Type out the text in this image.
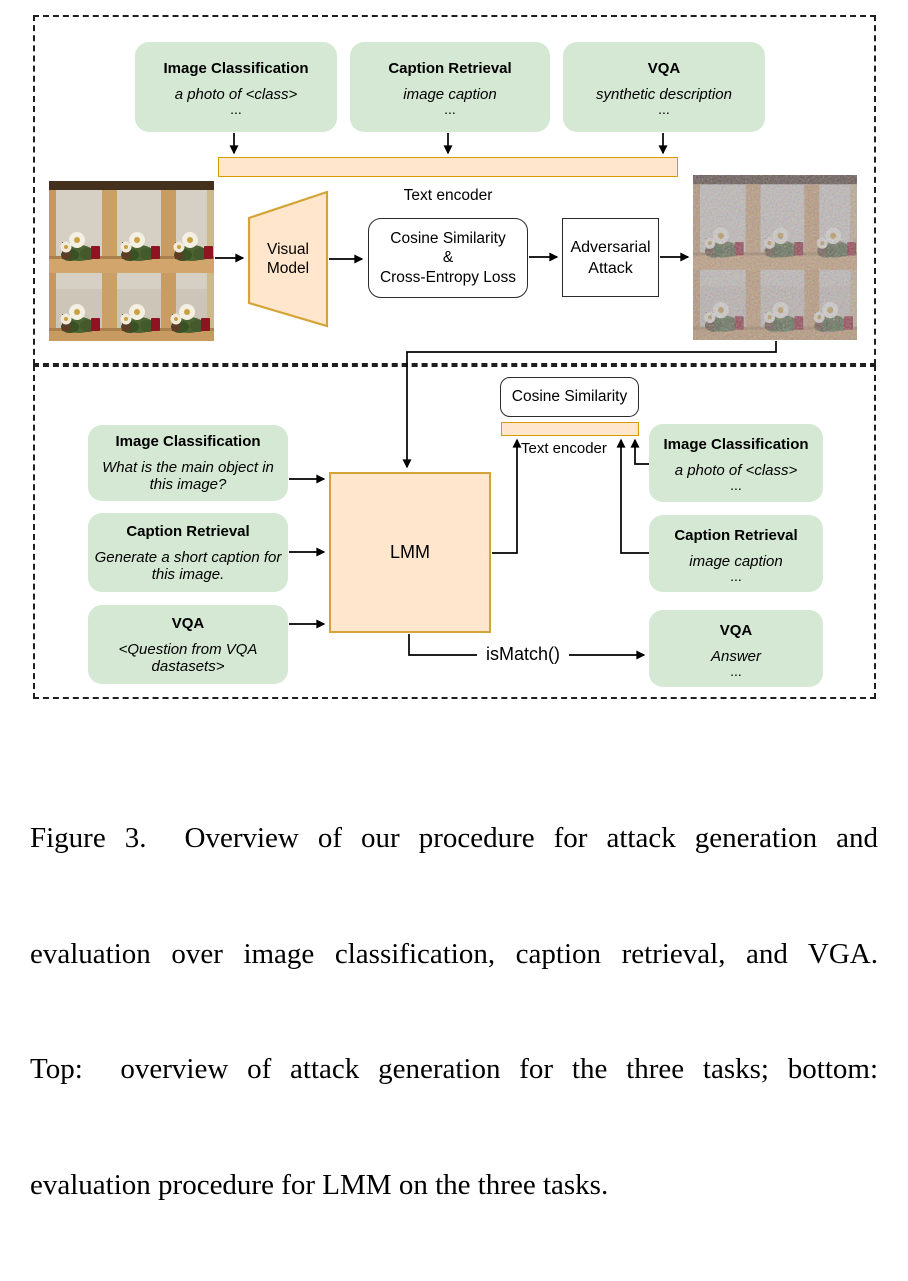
Image Classification
a photo of <class>
...
Caption Retrieval
image caption
...
VQA
synthetic description
...
Text encoder
Visual
Model
Cosine Similarity
&
Cross-Entropy Loss
Adversarial
Attack
Cosine Similarity
Text encoder
LMM
Image Classification
What is the main object in this image?
Caption Retrieval
Generate a short caption for this image.
VQA
<Question from VQA dastasets>
Image Classification
a photo of <class>
...
Caption Retrieval
image caption
...
VQA
Answer
...
isMatch()

Figure 3.  Overview of our procedure for attack generation and

evaluation over image classification, caption retrieval, and VGA.

Top:  overview of attack generation for the three tasks; bottom:

evaluation procedure for LMM on the three tasks.
